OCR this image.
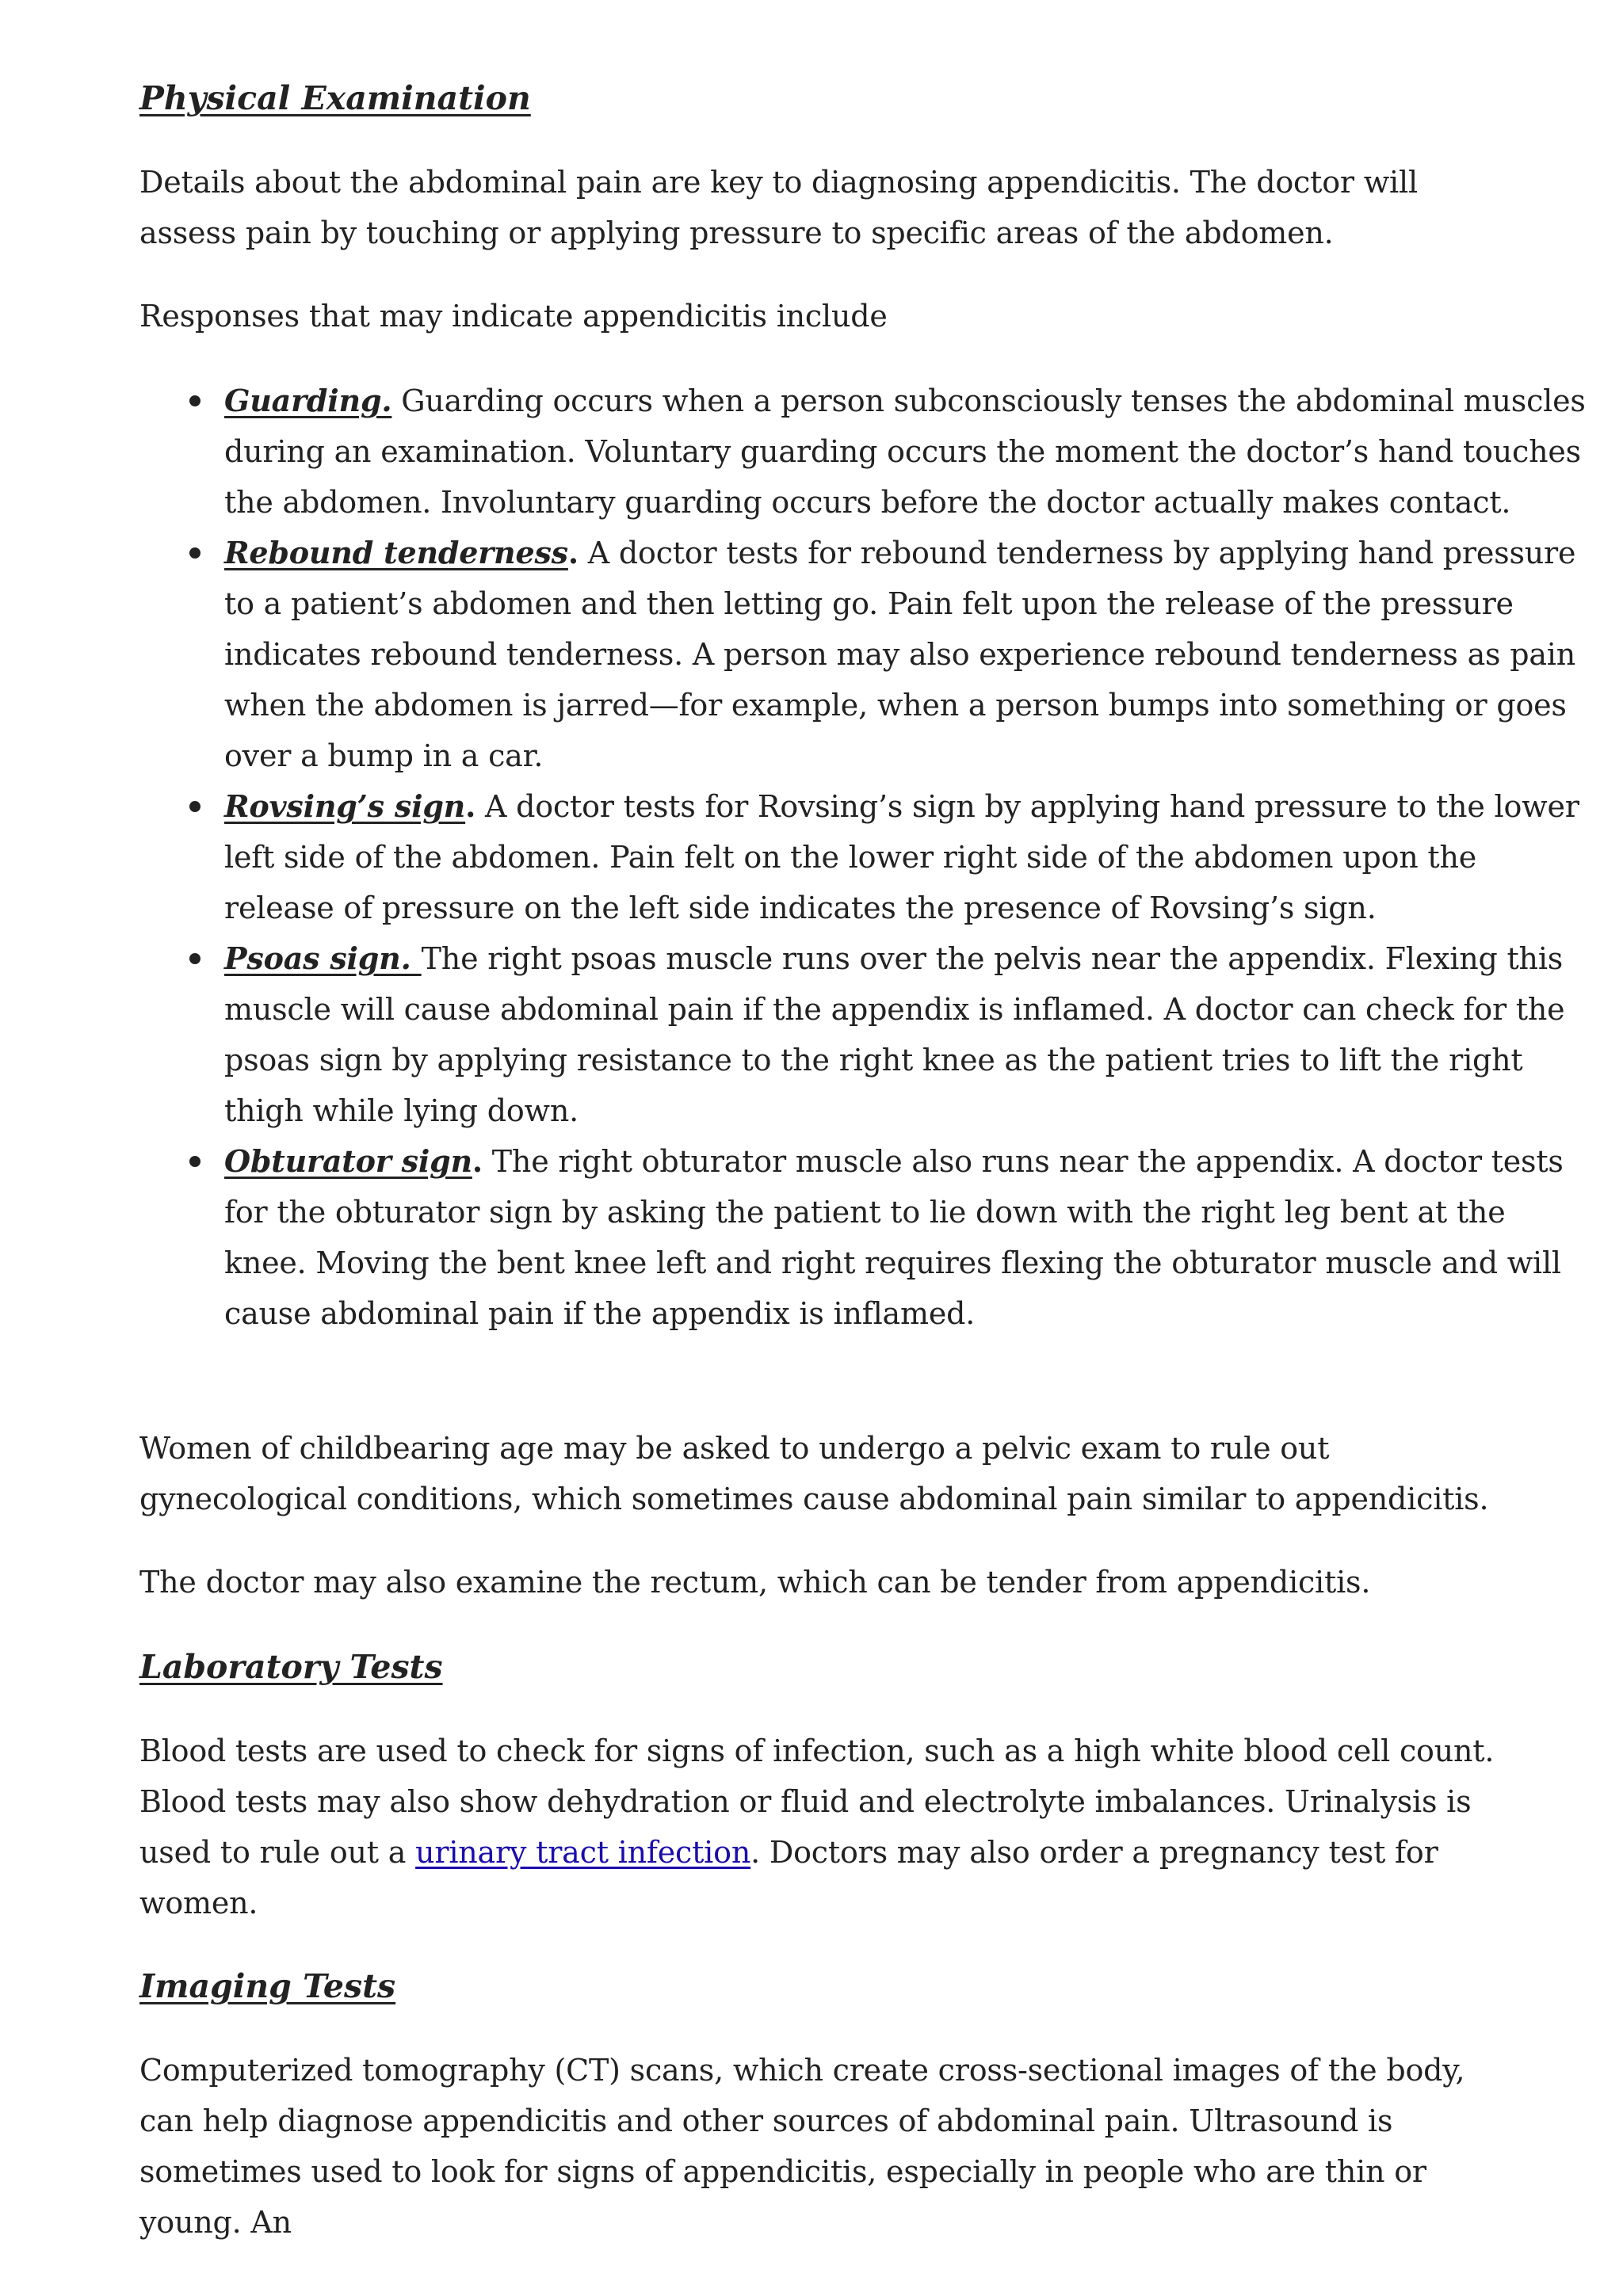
Physical Examination

Details about the abdominal pain are key to diagnosing appendicitis. The doctor will assess pain by touching or applying pressure to specific areas of the abdomen.

Responses that may indicate appendicitis include

Guarding. Guarding occurs when a person subconsciously tenses the abdominal muscles during an examination. Voluntary guarding occurs the moment the doctor’s hand touches the abdomen. Involuntary guarding occurs before the doctor actually makes contact.
Rebound tenderness. A doctor tests for rebound tenderness by applying hand pressure to a patient’s abdomen and then letting go. Pain felt upon the release of the pressure indicates rebound tenderness. A person may also experience rebound tenderness as pain when the abdomen is jarred—for example, when a person bumps into something or goes over a bump in a car.
Rovsing’s sign. A doctor tests for Rovsing’s sign by applying hand pressure to the lower left side of the abdomen. Pain felt on the lower right side of the abdomen upon the release of pressure on the left side indicates the presence of Rovsing’s sign.
Psoas sign. The right psoas muscle runs over the pelvis near the appendix. Flexing this muscle will cause abdominal pain if the appendix is inflamed. A doctor can check for the psoas sign by applying resistance to the right knee as the patient tries to lift the right thigh while lying down.
Obturator sign. The right obturator muscle also runs near the appendix. A doctor tests for the obturator sign by asking the patient to lie down with the right leg bent at the knee. Moving the bent knee left and right requires flexing the obturator muscle and will cause abdominal pain if the appendix is inflamed.

Women of childbearing age may be asked to undergo a pelvic exam to rule out gynecological conditions, which sometimes cause abdominal pain similar to appendicitis.

The doctor may also examine the rectum, which can be tender from appendicitis.

Laboratory Tests

Blood tests are used to check for signs of infection, such as a high white blood cell count. Blood tests may also show dehydration or fluid and electrolyte imbalances. Urinalysis is used to rule out a urinary tract infection. Doctors may also order a pregnancy test for women.

Imaging Tests

Computerized tomography (CT) scans, which create cross-sectional images of the body, can help diagnose appendicitis and other sources of abdominal pain. Ultrasound is sometimes used to look for signs of appendicitis, especially in people who are thin or young. An
